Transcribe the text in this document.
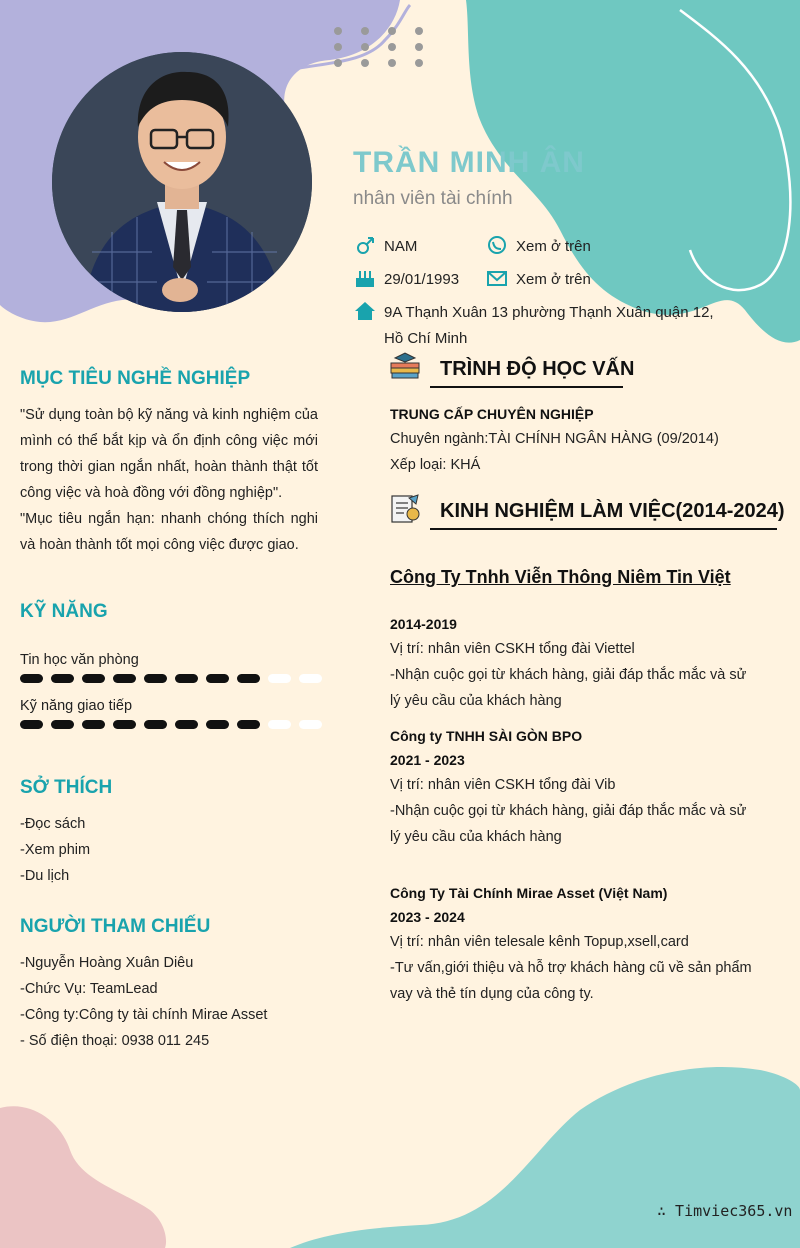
TRẦN MINH ÂN
nhân viên tài chính
NAM	Xem ở trên
29/01/1993	Xem ở trên
9A Thạnh Xuân 13 phường Thạnh Xuân quận 12,
Hồ Chí Minh
MỤC TIÊU NGHỀ NGHIỆP
"Sử dụng toàn bộ kỹ năng và kinh nghiệm của mình có thể bắt kịp và ổn định công việc mới trong thời gian ngắn nhất, hoàn thành thật tốt công việc và hoà đồng với đồng nghiệp".
"Mục tiêu ngắn hạn: nhanh chóng thích nghi và hoàn thành tốt mọi công việc được giao.
KỸ NĂNG
Tin học văn phòng
Kỹ năng giao tiếp
SỞ THÍCH
-Đọc sách
-Xem phim
-Du lịch
NGƯỜI THAM CHIẾU
-Nguyễn Hoàng Xuân Diêu
-Chức Vụ: TeamLead
-Công ty:Công ty tài chính Mirae Asset
- Số điện thoại: 0938 011 245
TRÌNH ĐỘ HỌC VẤN
TRUNG CẤP CHUYÊN NGHIỆP
Chuyên ngành:TÀI CHÍNH NGÂN HÀNG (09/2014)
Xếp loại: KHÁ
KINH NGHIỆM LÀM VIỆC(2014-2024)
Công Ty Tnhh Viễn Thông Niêm Tin Việt
2014-2019
Vị trí: nhân viên CSKH tổng đài Viettel
-Nhận cuộc gọi từ khách hàng, giải đáp thắc mắc và sử lý yêu cầu của khách hàng
Công ty TNHH SÀI GÒN BPO
2021 - 2023
Vị trí: nhân viên CSKH tổng đài Vib
-Nhận cuộc gọi từ khách hàng, giải đáp thắc mắc và sử lý yêu cầu của khách hàng
Công Ty Tài Chính Mirae Asset (Việt Nam)
2023 - 2024
Vị trí: nhân viên telesale kênh Topup,xsell,card
-Tư vấn,giới thiệu và hỗ trợ khách hàng cũ về sản phẩm vay và thẻ tín dụng của công ty.
∴ Timviec365.vn
